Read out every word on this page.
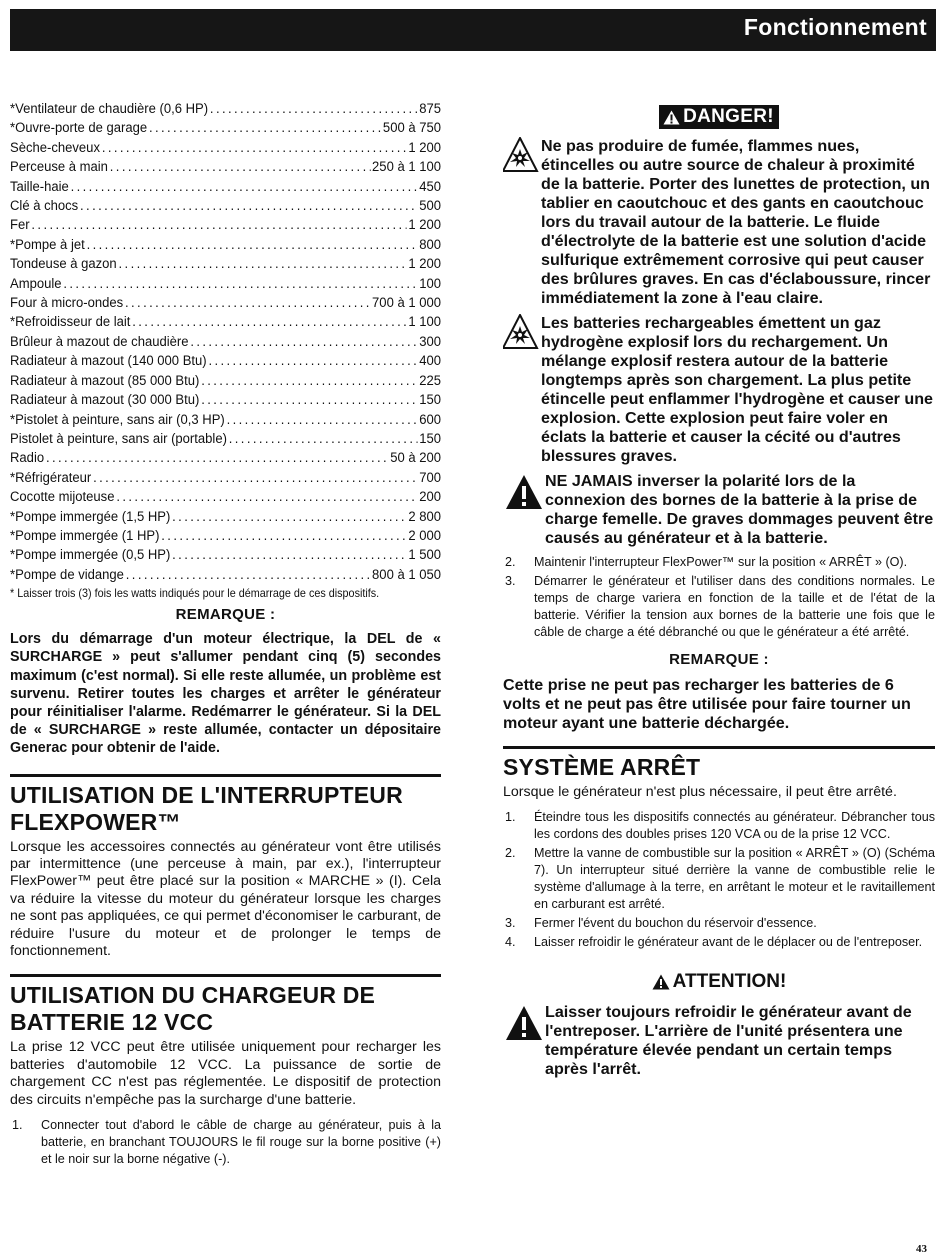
Fonctionnement
*Ventilateur de chaudière (0,6 HP) .....	875
*Ouvre-porte de garage .....	500 à 750
Sèche-cheveux .....	1 200
Perceuse à main .....	250 à 1 100
Taille-haie .....	450
Clé à chocs .....	500
Fer .....	1 200
*Pompe à jet .....	800
Tondeuse à gazon .....	1 200
Ampoule .....	100
Four à micro-ondes .....	700 à 1 000
*Refroidisseur de lait .....	1 100
Brûleur à mazout de chaudière .....	300
Radiateur à mazout (140 000 Btu) .....	400
Radiateur à mazout (85 000 Btu) .....	225
Radiateur à mazout (30 000 Btu) .....	150
*Pistolet à peinture, sans air (0,3 HP) .....	600
Pistolet à peinture, sans air (portable) .....	150
Radio .....	50 à 200
*Réfrigérateur .....	700
Cocotte mijoteuse .....	200
*Pompe immergée (1,5 HP) .....	2 800
*Pompe immergée (1 HP) .....	2 000
*Pompe immergée (0,5 HP) .....	1 500
*Pompe de vidange .....	800 à 1 050
* Laisser trois (3) fois les watts indiqués pour le démarrage de ces dispositifs.
REMARQUE :
Lors du démarrage d'un moteur électrique, la DEL de « SURCHARGE » peut s'allumer pendant cinq (5) secondes maximum (c'est normal). Si elle reste allumée, un problème est survenu. Retirer toutes les charges et arrêter le générateur pour réinitialiser l'alarme. Redémarrer le générateur. Si la DEL de « SURCHARGE » reste allumée, contacter un dépositaire Generac pour obtenir de l'aide.
UTILISATION DE L'INTERRUPTEUR FLEXPOWER™
Lorsque les accessoires connectés au générateur vont être utilisés par intermittence (une perceuse à main, par ex.), l'interrupteur FlexPower™ peut être placé sur la position « MARCHE » (I). Cela va réduire la vitesse du moteur du générateur lorsque les charges ne sont pas appliquées, ce qui permet d'économiser le carburant, de réduire l'usure du moteur et de prolonger le temps de fonctionnement.
UTILISATION DU CHARGEUR DE BATTERIE 12 VCC
La prise 12 VCC peut être utilisée uniquement pour recharger les batteries d'automobile 12 VCC. La puissance de sortie de chargement CC n'est pas réglementée. Le dispositif de protection des circuits n'empêche pas la surcharge d'une batterie.
1.	Connecter tout d'abord le câble de charge au générateur, puis à la batterie, en branchant TOUJOURS le fil rouge sur la borne positive (+) et le noir sur la borne négative (-).
DANGER!
Ne pas produire de fumée, flammes nues, étincelles ou autre source de chaleur à proximité de la batterie. Porter des lunettes de protection, un tablier en caoutchouc et des gants en caoutchouc lors du travail autour de la batterie. Le fluide d'électrolyte de la batterie est une solution d'acide sulfurique extrêmement corrosive qui peut causer des brûlures graves. En cas d'éclaboussure, rincer immédiatement la zone à l'eau claire.
Les batteries rechargeables émettent un gaz hydrogène explosif lors du rechargement. Un mélange explosif restera autour de la batterie longtemps après son chargement. La plus petite étincelle peut enflammer l'hydrogène et causer une explosion. Cette explosion peut faire voler en éclats la batterie et causer la cécité ou d'autres blessures graves.
NE JAMAIS inverser la polarité lors de la connexion des bornes de la batterie à la prise de charge femelle. De graves dommages peuvent être causés au générateur et à la batterie.
2.	Maintenir l'interrupteur FlexPower™ sur la position « ARRÊT » (O).
3.	Démarrer le générateur et l'utiliser dans des conditions normales. Le temps de charge variera en fonction de la taille et de l'état de la batterie. Vérifier la tension aux bornes de la batterie une fois que le câble de charge a été débranché ou que le générateur a été arrêté.
REMARQUE :
Cette prise ne peut pas recharger les batteries de 6 volts et ne peut pas être utilisée pour faire tourner un moteur ayant une batterie déchargée.
SYSTÈME ARRÊT
Lorsque le générateur n'est plus nécessaire, il peut être arrêté.
1.	Éteindre tous les dispositifs connectés au générateur. Débrancher tous les cordons des doubles prises 120 VCA ou de la prise 12 VCC.
2.	Mettre la vanne de combustible sur la position « ARRÊT » (O) (Schéma 7). Un interrupteur situé derrière la vanne de combustible relie le système d'allumage à la terre, en arrêtant le moteur et le ravitaillement en carburant est arrêté.
3.	Fermer l'évent du bouchon du réservoir d'essence.
4.	Laisser refroidir le générateur avant de le déplacer ou de l'entreposer.
ATTENTION!
Laisser toujours refroidir le générateur avant de l'entreposer. L'arrière de l'unité présentera une température élevée pendant un certain temps après l'arrêt.
43
